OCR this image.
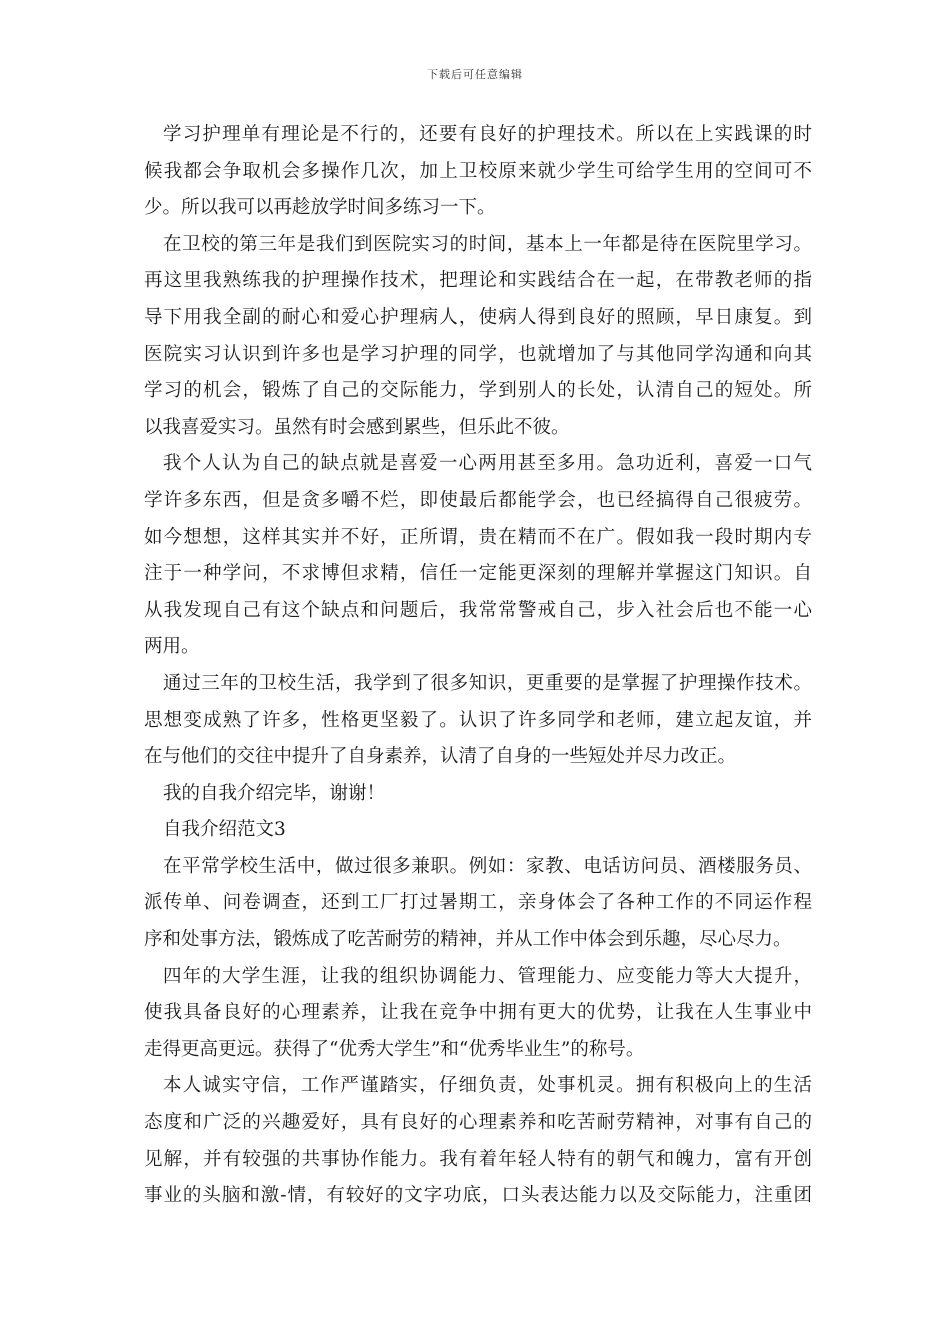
下载后可任意编辑
学习护理单有理论是不行的，还要有良好的护理技术。所以在上实践课的时
候我都会争取机会多操作几次，加上卫校原来就少学生可给学生用的空间可不
少。所以我可以再趁放学时间多练习一下。
在卫校的第三年是我们到医院实习的时间，基本上一年都是待在医院里学习。
再这里我熟练我的护理操作技术，把理论和实践结合在一起，在带教老师的指
导下用我全副的耐心和爱心护理病人，使病人得到良好的照顾，早日康复。到
医院实习认识到许多也是学习护理的同学，也就增加了与其他同学沟通和向其
学习的机会，锻炼了自己的交际能力，学到别人的长处，认清自己的短处。所
以我喜爱实习。虽然有时会感到累些，但乐此不彼。
我个人认为自己的缺点就是喜爱一心两用甚至多用。急功近利，喜爱一口气
学许多东西，但是贪多嚼不烂，即使最后都能学会，也已经搞得自己很疲劳。
如今想想，这样其实并不好，正所谓，贵在精而不在广。假如我一段时期内专
注于一种学问，不求博但求精，信任一定能更深刻的理解并掌握这门知识。自
从我发现自己有这个缺点和问题后，我常常警戒自己，步入社会后也不能一心
两用。
通过三年的卫校生活，我学到了很多知识，更重要的是掌握了护理操作技术。
思想变成熟了许多，性格更坚毅了。认识了许多同学和老师，建立起友谊，并
在与他们的交往中提升了自身素养，认清了自身的一些短处并尽力改正。
我的自我介绍完毕，谢谢！
自我介绍范文3
在平常学校生活中，做过很多兼职。例如：家教、电话访问员、酒楼服务员、
派传单、问卷调查，还到工厂打过暑期工，亲身体会了各种工作的不同运作程
序和处事方法，锻炼成了吃苦耐劳的精神，并从工作中体会到乐趣，尽心尽力。
四年的大学生涯，让我的组织协调能力、管理能力、应变能力等大大提升，
使我具备良好的心理素养，让我在竞争中拥有更大的优势，让我在人生事业中
走得更高更远。获得了“优秀大学生”和“优秀毕业生”的称号。
本人诚实守信，工作严谨踏实，仔细负责，处事机灵。拥有积极向上的生活
态度和广泛的兴趣爱好，具有良好的心理素养和吃苦耐劳精神，对事有自己的
见解，并有较强的共事协作能力。我有着年轻人特有的朝气和魄力，富有开创
事业的头脑和激-情，有较好的文字功底，口头表达能力以及交际能力，注重团
